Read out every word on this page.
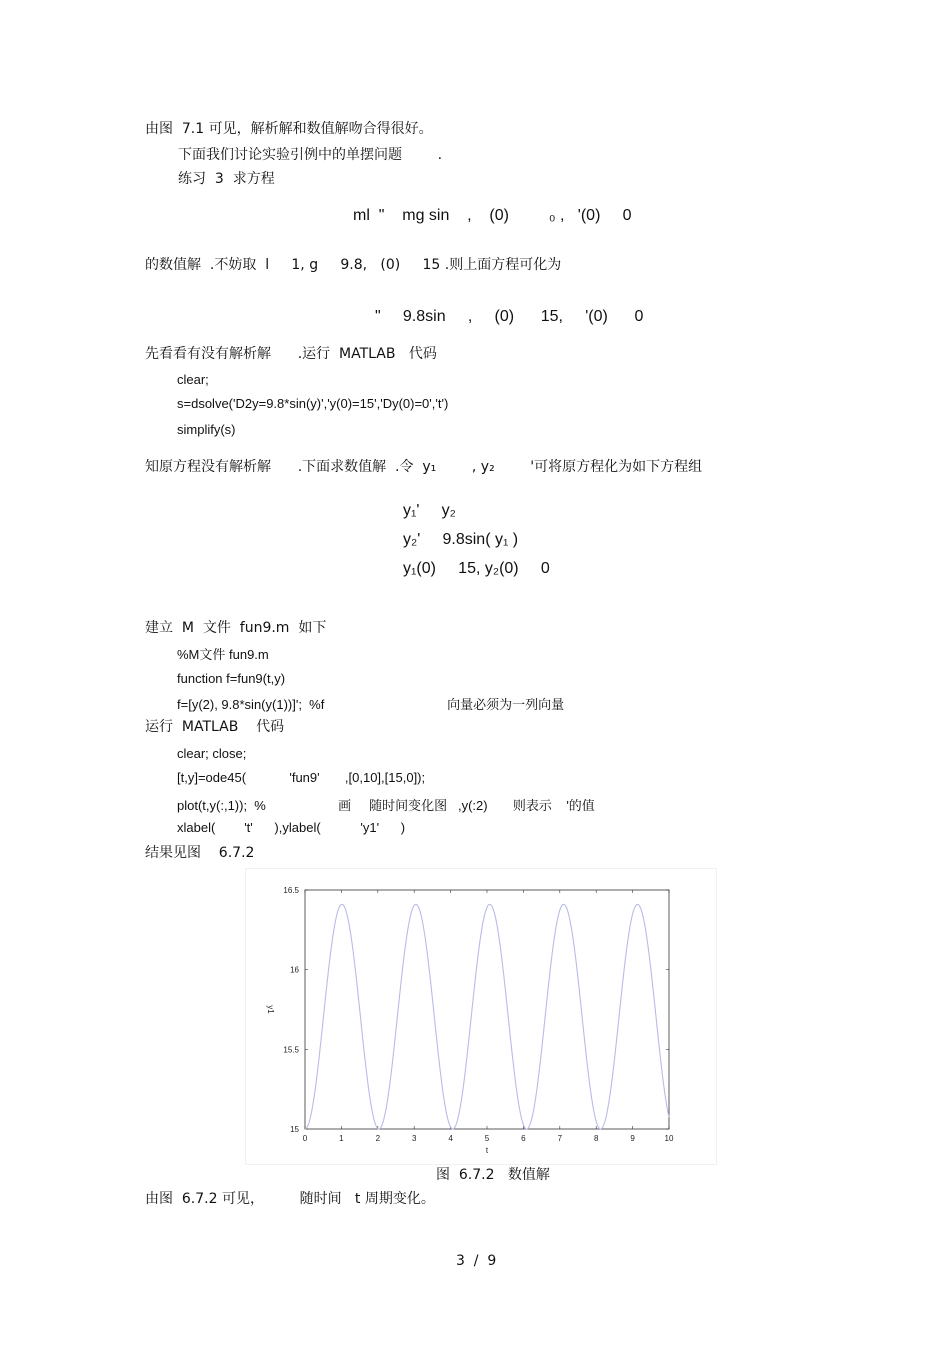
由图  7.1 可见，解析解和数值解吻合得很好。
下面我们讨论实验引例中的单摆问题        .
练习  3  求方程
ml  "    mg sin    ,    (0)         ₀ ,   '(0)     0
的数值解  .不妨取  l     1, g     9.8,   (0)     15 .则上面方程可化为
"     9.8sin     ,     (0)      15,     '(0)      0
先看看有没有解析解      .运行  MATLAB   代码
clear;
s=dsolve('D2y=9.8*sin(y)','y(0)=15','Dy(0)=0','t')
simplify(s)
知原方程没有解析解      .下面求数值解  .令  y₁        , y₂        '可将原方程化为如下方程组
y₁'     y₂
y₂'     9.8sin( y₁ )
y₁(0)     15, y₂(0)     0
建立  M  文件  fun9.m  如下
%M文件 fun9.m
function f=fun9(t,y)
f=[y(2), 9.8*sin(y(1))]';  %f                                  向量必须为一列向量
运行  MATLAB    代码
clear; close;
[t,y]=ode45(            'fun9'       ,[0,10],[15,0]);
plot(t,y(:,1));  %                    画     随时间变化图   ,y(:2)       则表示    '的值
xlabel(        't'      ),ylabel(           'y1'      )
结果见图    6.7.2
0	1	2	3	4	5	6	7	8	9	10
15
15.5
16
16.5
t
y1
图  6.7.2   数值解
由图  6.7.2 可见，        随时间   t 周期变化。
3  /  9
